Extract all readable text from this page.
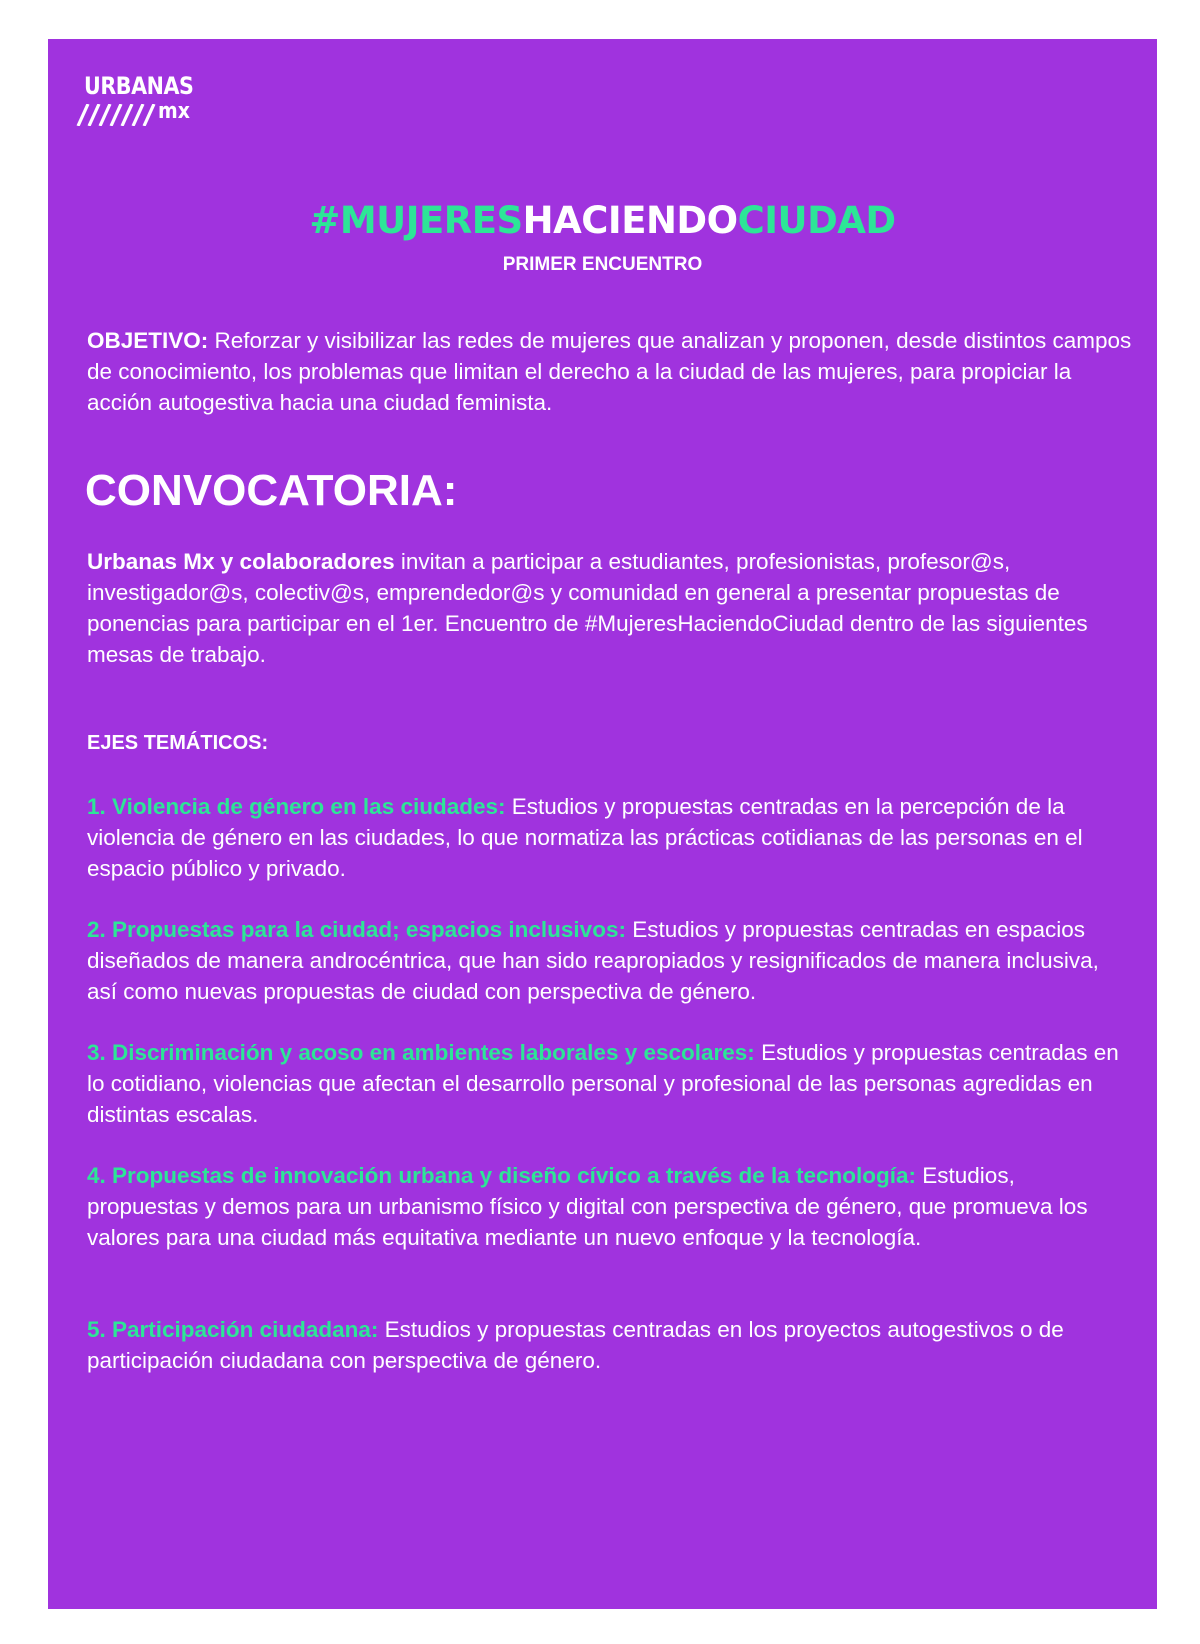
URBANAS
mx
#MUJERESHACIENDOCIUDAD
PRIMER ENCUENTRO

OBJETIVO: Reforzar y visibilizar las redes de mujeres que analizan y proponen, desde distintos campos de conocimiento, los problemas que limitan el derecho a la ciudad de las mujeres, para propiciar la acción autogestiva hacia una ciudad feminista.

CONVOCATORIA:

Urbanas Mx y colaboradores invitan a participar a estudiantes, profesionistas, profesor@s, investigador@s, colectiv@s, emprendedor@s y comunidad en general a presentar propuestas de ponencias para participar en el 1er. Encuentro de #MujeresHaciendoCiudad dentro de las siguientes mesas de trabajo.

EJES TEMÁTICOS:

1. Violencia de género en las ciudades: Estudios y propuestas centradas en la percepción de la violencia de género en las ciudades, lo que normatiza las prácticas cotidianas de las personas en el espacio público y privado.

2. Propuestas para la ciudad; espacios inclusivos: Estudios y propuestas centradas en espacios diseñados de manera androcéntrica, que han sido reapropiados y resignificados de manera inclusiva, así como nuevas propuestas de ciudad con perspectiva de género.

3. Discriminación y acoso en ambientes laborales y escolares: Estudios y propuestas centradas en lo cotidiano, violencias que afectan el desarrollo personal y profesional de las personas agredidas en distintas escalas.

4. Propuestas de innovación urbana y diseño cívico a través de la tecnología: Estudios, propuestas y demos para un urbanismo físico y digital con perspectiva de género, que promueva los valores para una ciudad más equitativa mediante un nuevo enfoque y la tecnología.

5. Participación ciudadana: Estudios y propuestas centradas en los proyectos autogestivos o de participación ciudadana con perspectiva de género.
